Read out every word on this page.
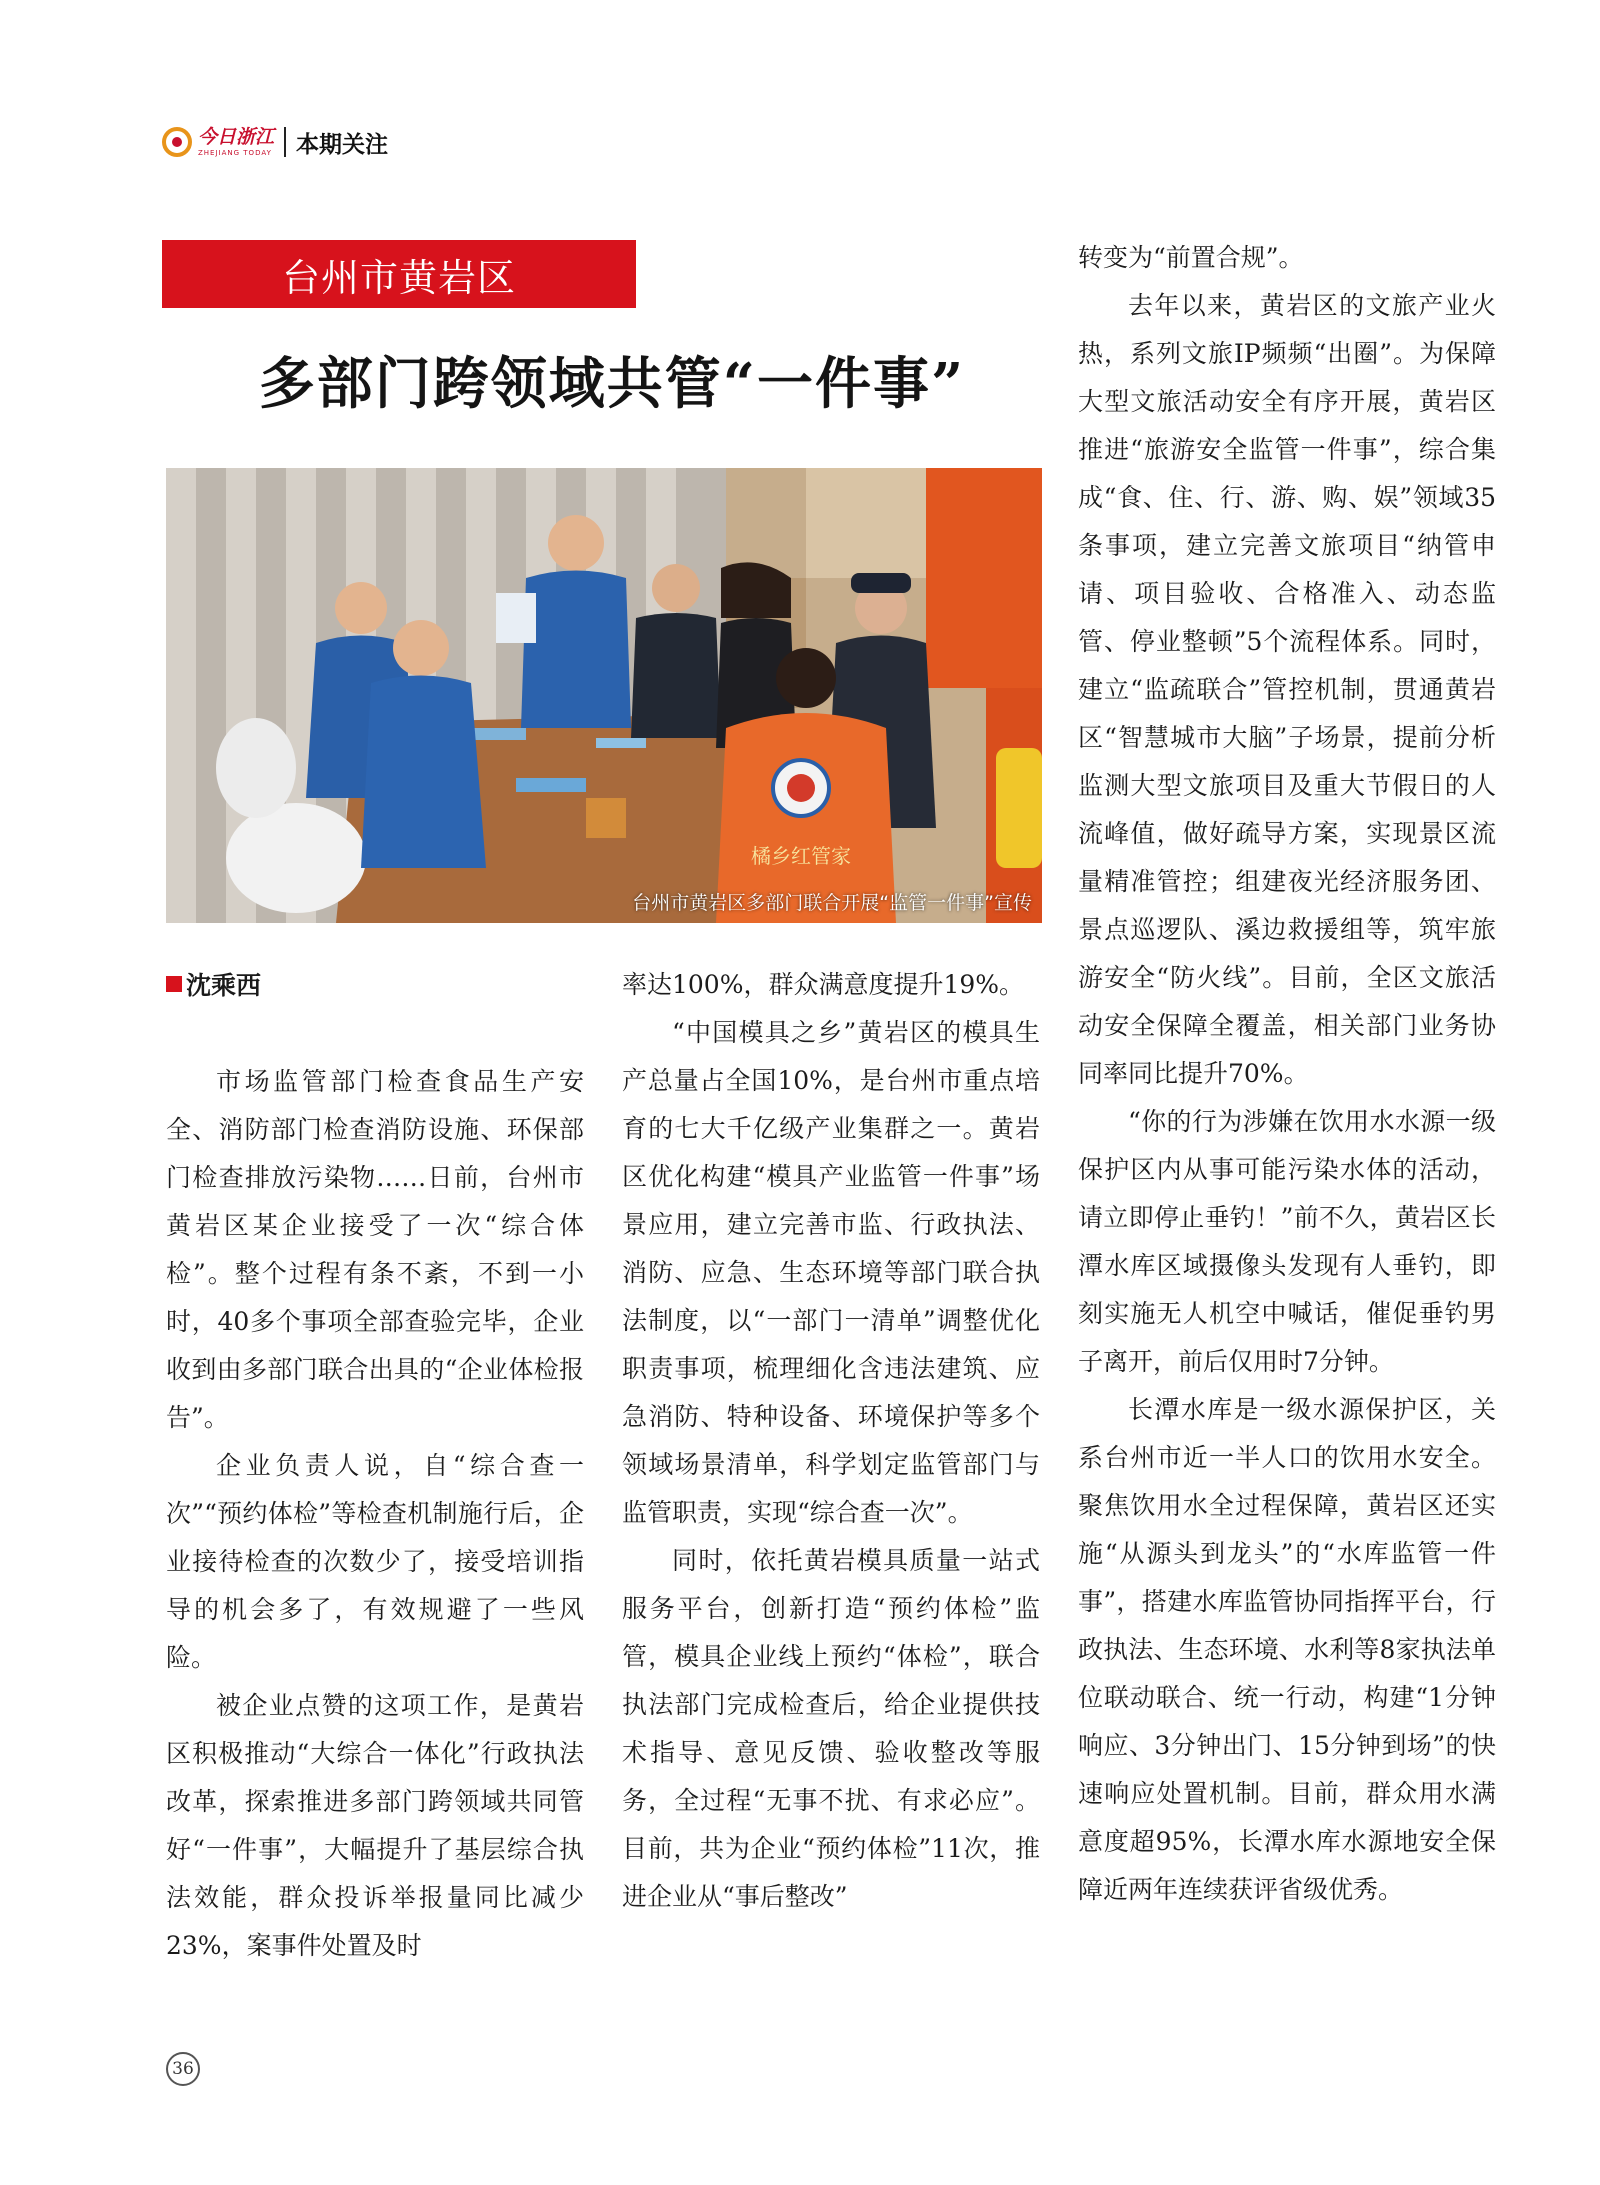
今日浙江
ZHEJIANG TODAY 本期关注
台州市黄岩区
多部门跨领域共管“一件事”
橘乡红管家
台州市黄岩区多部门联合开展“监管一件事”宣传
沈乘西

市场监管部门检查食品生产安全、消防部门检查消防设施、环保部门检查排放污染物……日前，台州市黄岩区某企业接受了一次“综合体检”。整个过程有条不紊，不到一小时，40多个事项全部查验完毕，企业收到由多部门联合出具的“企业体检报告”。

企业负责人说，自“综合查一次”“预约体检”等检查机制施行后，企业接待检查的次数少了，接受培训指导的机会多了，有效规避了一些风险。

被企业点赞的这项工作，是黄岩区积极推动“大综合一体化”行政执法改革，探索推进多部门跨领域共同管好“一件事”，大幅提升了基层综合执法效能，群众投诉举报量同比减少23%，案事件处置及时

率达100%，群众满意度提升19%。

“中国模具之乡”黄岩区的模具生产总量占全国10%，是台州市重点培育的七大千亿级产业集群之一。黄岩区优化构建“模具产业监管一件事”场景应用，建立完善市监、行政执法、消防、应急、生态环境等部门联合执法制度，以“一部门一清单”调整优化职责事项，梳理细化含违法建筑、应急消防、特种设备、环境保护等多个领域场景清单，科学划定监管部门与监管职责，实现“综合查一次”。

同时，依托黄岩模具质量一站式服务平台，创新打造“预约体检”监管，模具企业线上预约“体检”，联合执法部门完成检查后，给企业提供技术指导、意见反馈、验收整改等服务，全过程“无事不扰、有求必应”。目前，共为企业“预约体检”11次，推进企业从“事后整改”

转变为“前置合规”。

去年以来，黄岩区的文旅产业火热，系列文旅IP频频“出圈”。为保障大型文旅活动安全有序开展，黄岩区推进“旅游安全监管一件事”，综合集成“食、住、行、游、购、娱”领域35条事项，建立完善文旅项目“纳管申请、项目验收、合格准入、动态监管、停业整顿”5个流程体系。同时，建立“监疏联合”管控机制，贯通黄岩区“智慧城市大脑”子场景，提前分析监测大型文旅项目及重大节假日的人流峰值，做好疏导方案，实现景区流量精准管控；组建夜光经济服务团、景点巡逻队、溪边救援组等，筑牢旅游安全“防火线”。目前，全区文旅活动安全保障全覆盖，相关部门业务协同率同比提升70%。

“你的行为涉嫌在饮用水水源一级保护区内从事可能污染水体的活动，请立即停止垂钓！”前不久，黄岩区长潭水库区域摄像头发现有人垂钓，即刻实施无人机空中喊话，催促垂钓男子离开，前后仅用时7分钟。

长潭水库是一级水源保护区，关系台州市近一半人口的饮用水安全。聚焦饮用水全过程保障，黄岩区还实施“从源头到龙头”的“水库监管一件事”，搭建水库监管协同指挥平台，行政执法、生态环境、水利等8家执法单位联动联合、统一行动，构建“1分钟响应、3分钟出门、15分钟到场”的快速响应处置机制。目前，群众用水满意度超95%，长潭水库水源地安全保障近两年连续获评省级优秀。

36
